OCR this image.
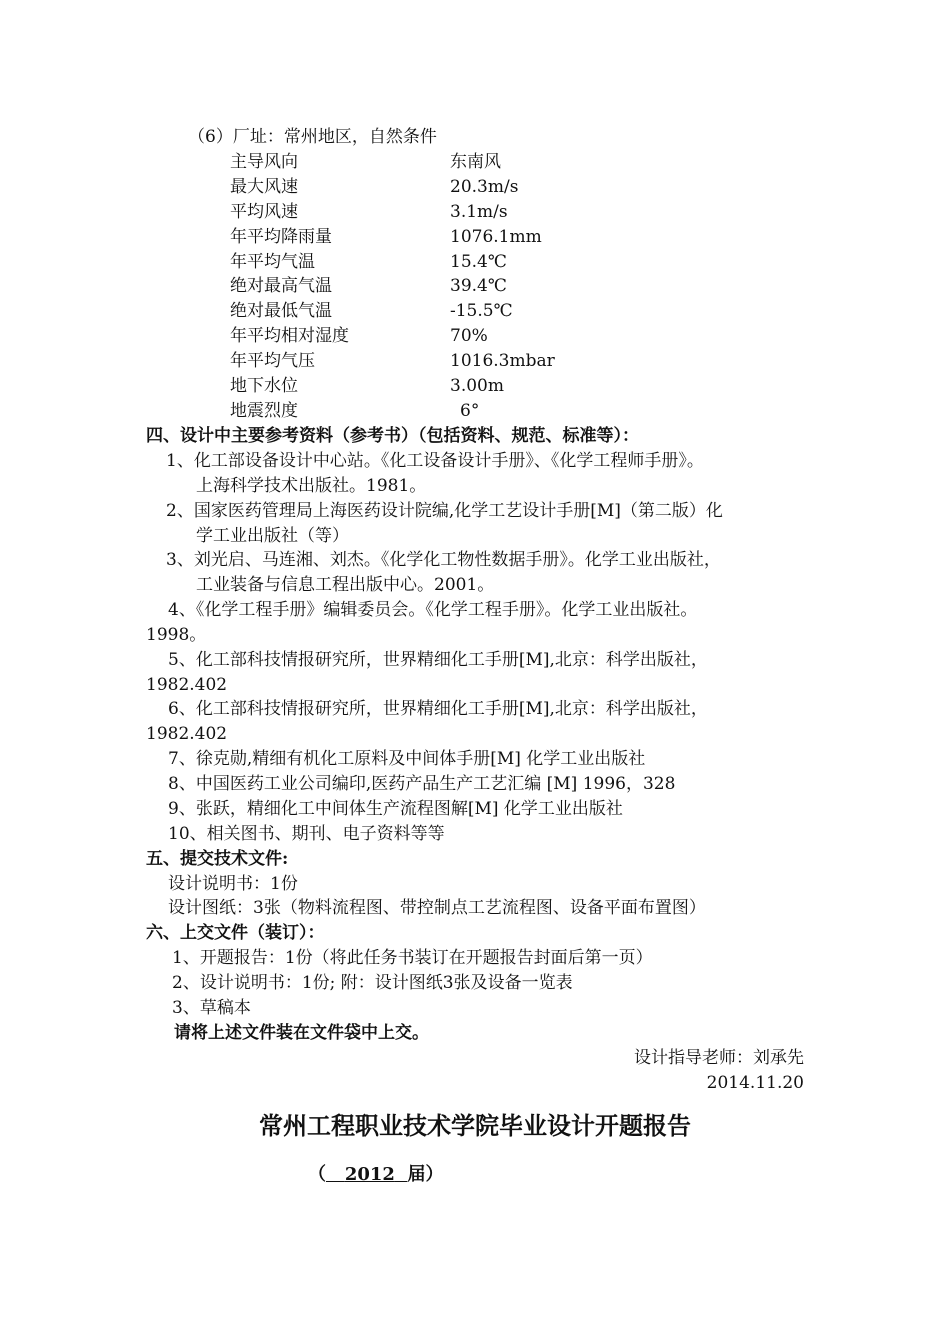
（6）厂址：常州地区，自然条件
主导风向	东南风
最大风速	20.3m/s
平均风速	3.1m/s
年平均降雨量	1076.1mm
年平均气温	15.4℃
绝对最高气温	39.4℃
绝对最低气温	-15.5℃
年平均相对湿度	70%
年平均气压	1016.3mbar
地下水位	3.00m
地震烈度	6°
四、设计中主要参考资料（参考书）（包括资料、规范、标准等）：
1、化工部设备设计中心站。《化工设备设计手册》、《化学工程师手册》。
上海科学技术出版社。1981。
2、国家医药管理局上海医药设计院编,化学工艺设计手册[M]（第二版）化
学工业出版社（等）
3、刘光启、马连湘、刘杰。《化学化工物性数据手册》。化学工业出版社，
工业装备与信息工程出版中心。2001。
4、《化学工程手册》编辑委员会。《化学工程手册》。化学工业出版社。
1998。
5、化工部科技情报研究所，世界精细化工手册[M],北京：科学出版社，
1982.402
6、化工部科技情报研究所，世界精细化工手册[M],北京：科学出版社，
1982.402
7、徐克勋,精细有机化工原料及中间体手册[M] 化学工业出版社
8、中国医药工业公司编印,医药产品生产工艺汇编 [M] 1996，328
9、张跃，精细化工中间体生产流程图解[M] 化学工业出版社
10、相关图书、期刊、电子资料等等
五、提交技术文件:
设计说明书：1份
设计图纸：3张（物料流程图、带控制点工艺流程图、设备平面布置图）
六、上交文件（装订）：
1、开题报告：1份（将此任务书装订在开题报告封面后第一页）
2、设计说明书：1份; 附：设计图纸3张及设备一览表
3、草稿本
请将上述文件装在文件袋中上交。
设计指导老师：刘承先
2014.11.20
常州工程职业技术学院毕业设计开题报告
（ 2012 届）
